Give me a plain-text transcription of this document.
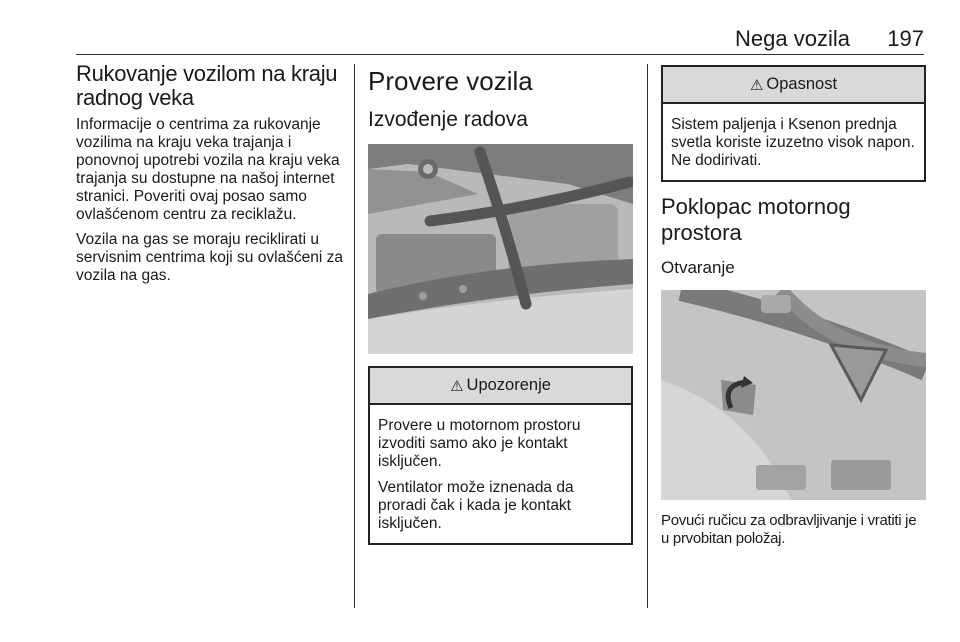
Nega vozila 197
Rukovanje vozilom na kraju radnog veka

Informacije o centrima za rukovanje vozilima na kraju veka trajanja i ponovnoj upotrebi vozila na kraju veka trajanja su dostupne na našoj internet stranici. Poveriti ovaj posao samo ovlašćenom centru za reciklažu.

Vozila na gas se moraju reciklirati u servisnim centrima koji su ovlašćeni za vozila na gas.

Provere vozila
Izvođenje radova
⚠ Upozorenje

Provere u motornom prostoru izvoditi samo ako je kontakt isključen.

Ventilator može iznenada da proradi čak i kada je kontakt isključen.

⚠ Opasnost

Sistem paljenja i Ksenon prednja svetla koriste izuzetno visok napon. Ne dodirivati.

Poklopac motornog prostora
Otvaranje

Povući ručicu za odbravljivanje i vratiti je u prvobitan položaj.
